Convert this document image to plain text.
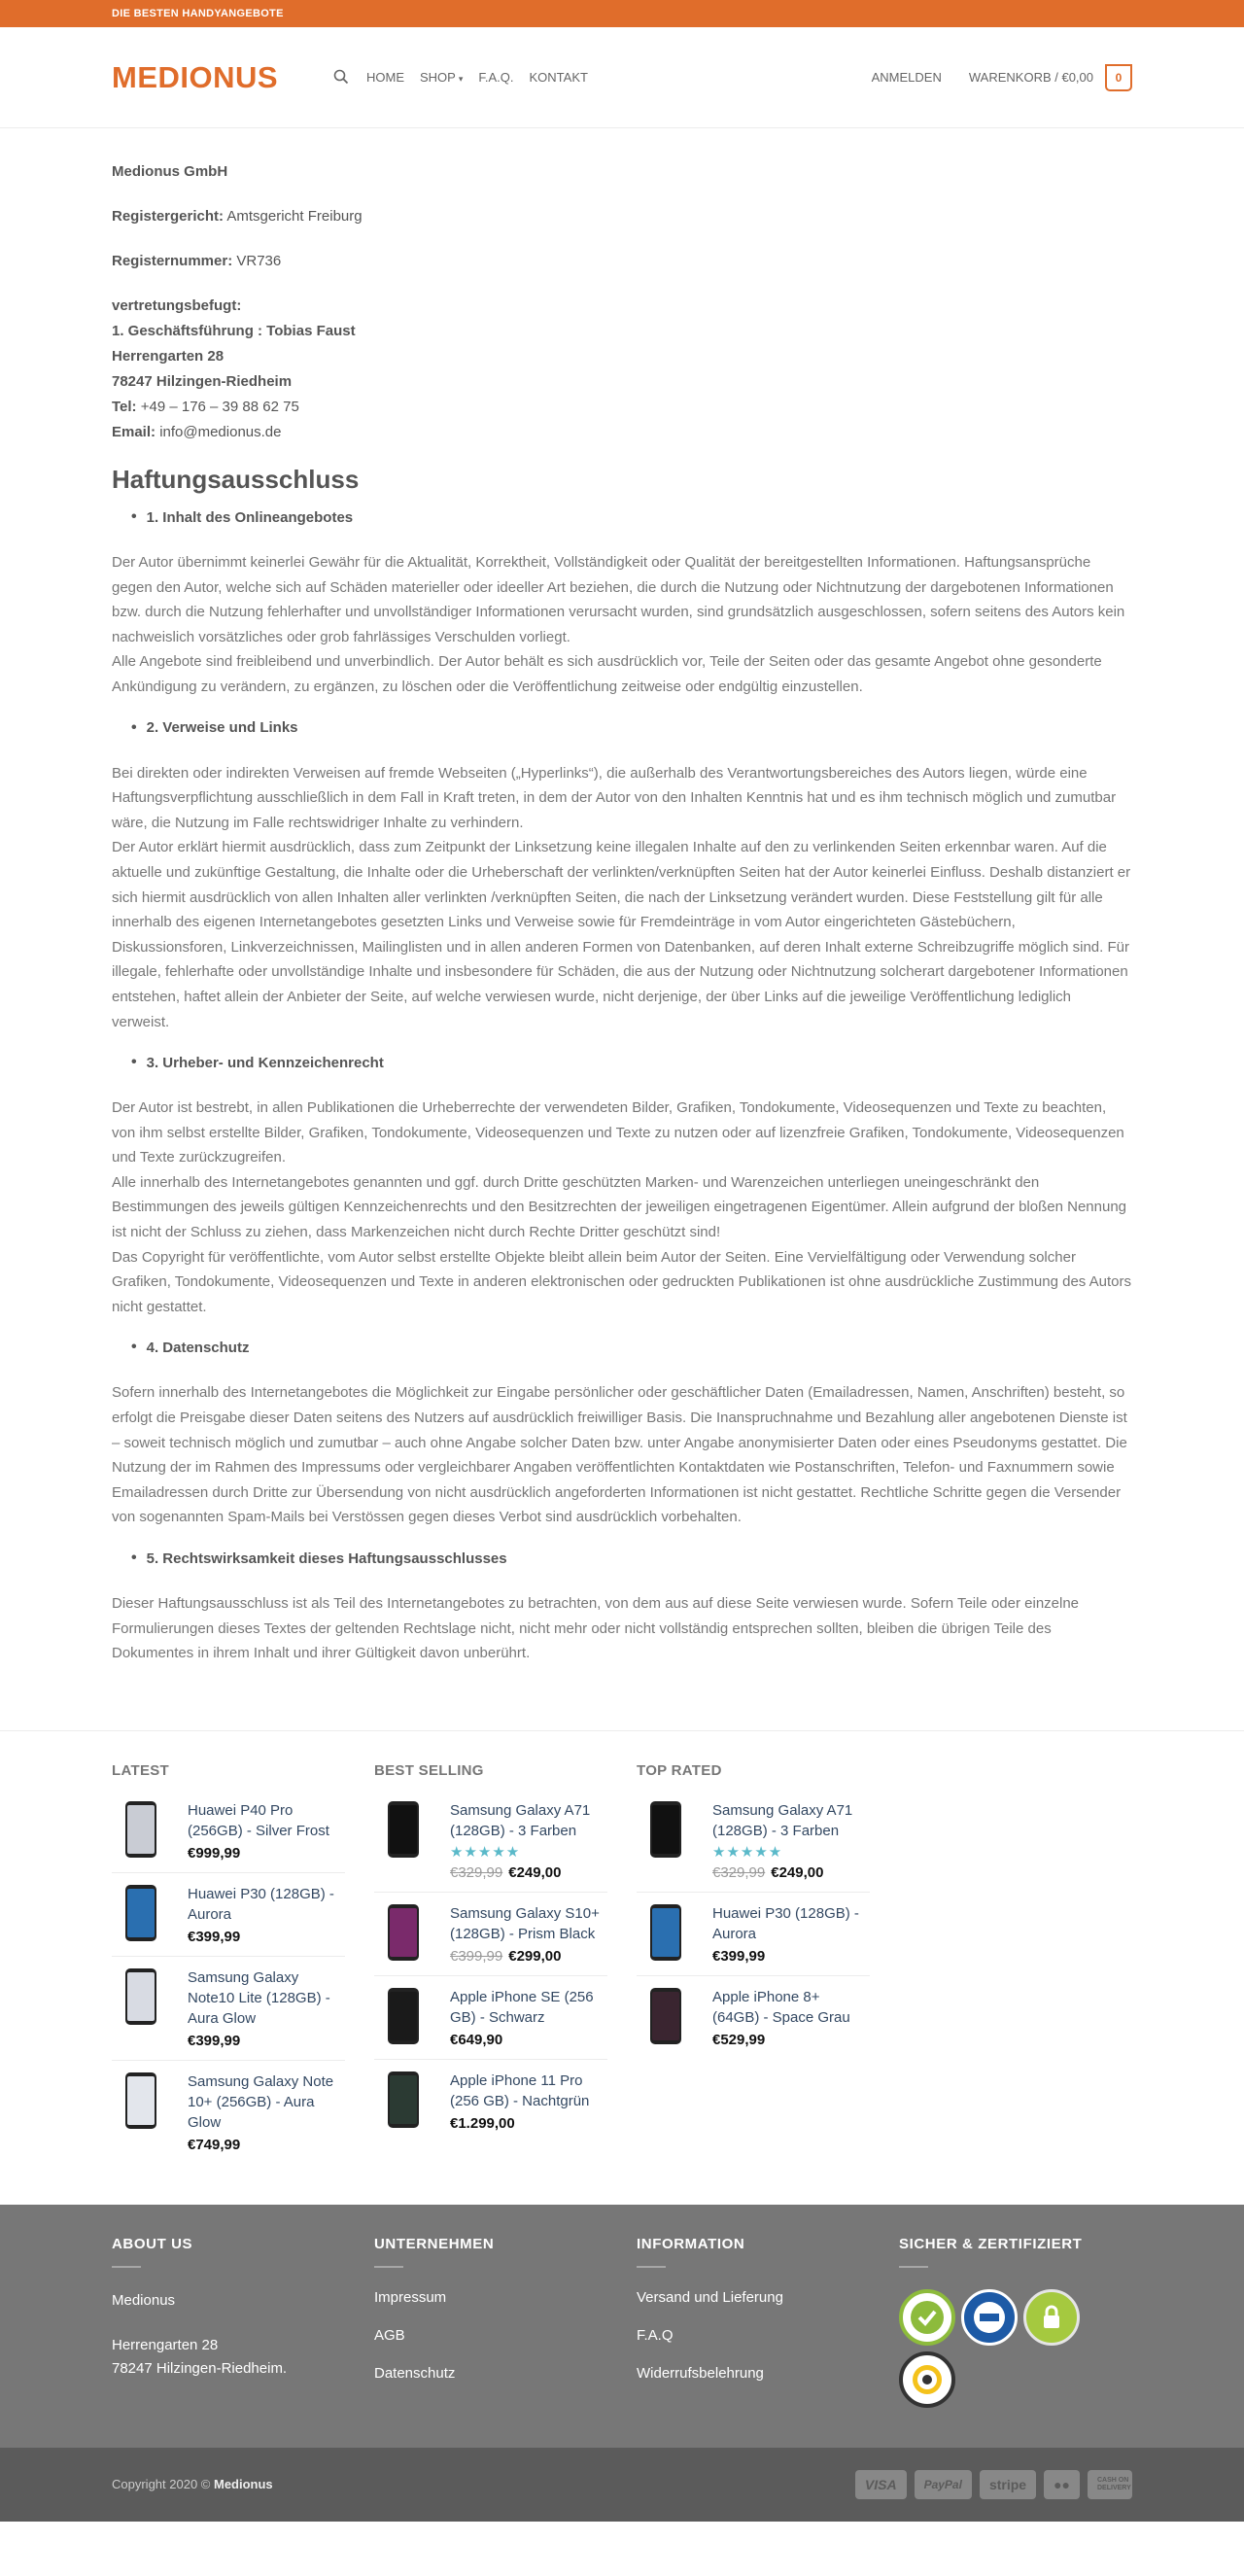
DIE BESTEN HANDYANGEBOTE
MEDIONUS	HOME SHOP ▾ F.A.Q. KONTAKT	ANMELDEN WARENKORB / €0,00	0

Medionus GmbH

Registergericht: Amtsgericht Freiburg

Registernummer: VR736

vertretungsbefugt:
1. Geschäftsführung : Tobias Faust
Herrengarten 28
78247 Hilzingen-Riedheim
Tel: +49 – 176 – 39 88 62 75
Email: info@medionus.de

Haftungsausschluss
• 1. Inhalt des Onlineangebotes

Der Autor übernimmt keinerlei Gewähr für die Aktualität, Korrektheit, Vollständigkeit oder Qualität der bereitgestellten Informationen. Haftungsansprüche gegen den Autor, welche sich auf Schäden materieller oder ideeller Art beziehen, die durch die Nutzung oder Nichtnutzung der dargebotenen Informationen bzw. durch die Nutzung fehlerhafter und unvollständiger Informationen verursacht wurden, sind grundsätzlich ausgeschlossen, sofern seitens des Autors kein nachweislich vorsätzliches oder grob fahrlässiges Verschulden vorliegt.
Alle Angebote sind freibleibend und unverbindlich. Der Autor behält es sich ausdrücklich vor, Teile der Seiten oder das gesamte Angebot ohne gesonderte Ankündigung zu verändern, zu ergänzen, zu löschen oder die Veröffentlichung zeitweise oder endgültig einzustellen.

• 2. Verweise und Links

Bei direkten oder indirekten Verweisen auf fremde Webseiten („Hyperlinks“), die außerhalb des Verantwortungsbereiches des Autors liegen, würde eine Haftungsverpflichtung ausschließlich in dem Fall in Kraft treten, in dem der Autor von den Inhalten Kenntnis hat und es ihm technisch möglich und zumutbar wäre, die Nutzung im Falle rechtswidriger Inhalte zu verhindern.
Der Autor erklärt hiermit ausdrücklich, dass zum Zeitpunkt der Linksetzung keine illegalen Inhalte auf den zu verlinkenden Seiten erkennbar waren. Auf die aktuelle und zukünftige Gestaltung, die Inhalte oder die Urheberschaft der verlinkten/verknüpften Seiten hat der Autor keinerlei Einfluss. Deshalb distanziert er sich hiermit ausdrücklich von allen Inhalten aller verlinkten /verknüpften Seiten, die nach der Linksetzung verändert wurden. Diese Feststellung gilt für alle innerhalb des eigenen Internetangebotes gesetzten Links und Verweise sowie für Fremdeinträge in vom Autor eingerichteten Gästebüchern, Diskussionsforen, Linkverzeichnissen, Mailinglisten und in allen anderen Formen von Datenbanken, auf deren Inhalt externe Schreibzugriffe möglich sind. Für illegale, fehlerhafte oder unvollständige Inhalte und insbesondere für Schäden, die aus der Nutzung oder Nichtnutzung solcherart dargebotener Informationen entstehen, haftet allein der Anbieter der Seite, auf welche verwiesen wurde, nicht derjenige, der über Links auf die jeweilige Veröffentlichung lediglich verweist.

• 3. Urheber- und Kennzeichenrecht

Der Autor ist bestrebt, in allen Publikationen die Urheberrechte der verwendeten Bilder, Grafiken, Tondokumente, Videosequenzen und Texte zu beachten, von ihm selbst erstellte Bilder, Grafiken, Tondokumente, Videosequenzen und Texte zu nutzen oder auf lizenzfreie Grafiken, Tondokumente, Videosequenzen und Texte zurückzugreifen.
Alle innerhalb des Internetangebotes genannten und ggf. durch Dritte geschützten Marken- und Warenzeichen unterliegen uneingeschränkt den Bestimmungen des jeweils gültigen Kennzeichenrechts und den Besitzrechten der jeweiligen eingetragenen Eigentümer. Allein aufgrund der bloßen Nennung ist nicht der Schluss zu ziehen, dass Markenzeichen nicht durch Rechte Dritter geschützt sind!
Das Copyright für veröffentlichte, vom Autor selbst erstellte Objekte bleibt allein beim Autor der Seiten. Eine Vervielfältigung oder Verwendung solcher Grafiken, Tondokumente, Videosequenzen und Texte in anderen elektronischen oder gedruckten Publikationen ist ohne ausdrückliche Zustimmung des Autors nicht gestattet.

• 4. Datenschutz

Sofern innerhalb des Internetangebotes die Möglichkeit zur Eingabe persönlicher oder geschäftlicher Daten (Emailadressen, Namen, Anschriften) besteht, so erfolgt die Preisgabe dieser Daten seitens des Nutzers auf ausdrücklich freiwilliger Basis. Die Inanspruchnahme und Bezahlung aller angebotenen Dienste ist – soweit technisch möglich und zumutbar – auch ohne Angabe solcher Daten bzw. unter Angabe anonymisierter Daten oder eines Pseudonyms gestattet. Die Nutzung der im Rahmen des Impressums oder vergleichbarer Angaben veröffentlichten Kontaktdaten wie Postanschriften, Telefon- und Faxnummern sowie Emailadressen durch Dritte zur Übersendung von nicht ausdrücklich angeforderten Informationen ist nicht gestattet. Rechtliche Schritte gegen die Versender von sogenannten Spam-Mails bei Verstössen gegen dieses Verbot sind ausdrücklich vorbehalten.

• 5. Rechtswirksamkeit dieses Haftungsausschlusses

Dieser Haftungsausschluss ist als Teil des Internetangebotes zu betrachten, von dem aus auf diese Seite verwiesen wurde. Sofern Teile oder einzelne Formulierungen dieses Textes der geltenden Rechtslage nicht, nicht mehr oder nicht vollständig entsprechen sollten, bleiben die übrigen Teile des Dokumentes in ihrem Inhalt und ihrer Gültigkeit davon unberührt.

LATEST
Huawei P40 Pro (256GB) - Silver Frost
€999,99
Huawei P30 (128GB) - Aurora
€399,99
Samsung Galaxy Note10 Lite (128GB) - Aura Glow
€399,99
Samsung Galaxy Note 10+ (256GB) - Aura Glow
€749,99
BEST SELLING
Samsung Galaxy A71 (128GB) - 3 Farben
★★★★★
€329,99 €249,00
Samsung Galaxy S10+ (128GB) - Prism Black
€399,99 €299,00
Apple iPhone SE (256 GB) - Schwarz
€649,90
Apple iPhone 11 Pro (256 GB) - Nachtgrün
€1.299,00
TOP RATED
Samsung Galaxy A71 (128GB) - 3 Farben
★★★★★
€329,99 €249,00
Huawei P30 (128GB) - Aurora
€399,99
Apple iPhone 8+ (64GB) - Space Grau
€529,99
ABOUT US
Medionus
Herrengarten 28
78247 Hilzingen-Riedheim.
UNTERNEHMEN
Impressum
AGB
Datenschutz
INFORMATION
Versand und Lieferung
F.A.Q
Widerrufsbelehrung
SICHER & ZERTIFIZIERT
Copyright 2020 © Medionus	VISA	PayPal	stripe	●●	CASH ON DELIVERY
